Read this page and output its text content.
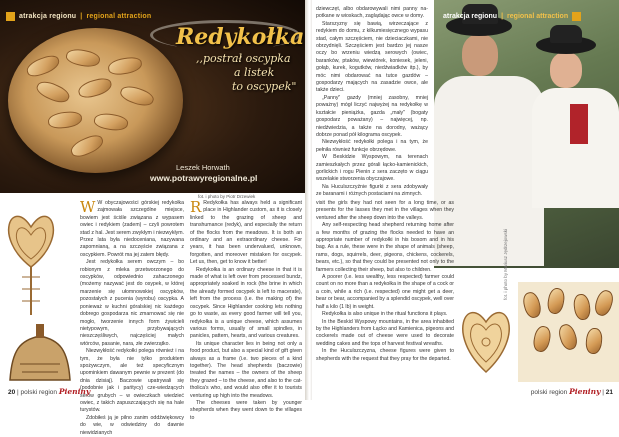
atrakcja regionu | regional attraction
Redykołka
,,postrał oscypka
a listek
to oscypek"
Leszek Horwath
www.potrawyregionalne.pl
fot. i photo by Piotr Drzewiek

W W obyczajowości górskiej redykołka zajmowała szczególne miejsce, bowiem jest ściśle związana z wypasem owiec i redykiem (zadem) – czyli powrotem stad z hal. Jest serem zwykłym i niezwykłym. Przez lata była niedoceniana, nazywana zapomnianą, a na szczęście związana z oscypkiem. Powrót ma jej zatem błędy.

Jest redykołka serem owczym – bo robionym z mleka przetworzonego do oscypków, odpowiednio zahaczonego (możemy nazywać jest do osypek, w której marzenie się ułomnowskiej oscypków, pozostałych z pucenia (wyrobu) oscypka. A ponieważ w kuchni góralskiej nic każdego dobrego gospodarza nic zmarnować się nie mogło, tworzenie innych form żywicieli nietypowym, przybywających nieszczęśliwych, najczęściej małych wtórców, pasanie, nara, złe zwierzątko.

Niezwykłość redykołki polega również i na tym, że była nie tylko produktem spożywczym, ale też specyficznym upominkiem dawanym pewnie w prezent (do dnia dzisiaj). Baczowie upatrywali się (podobnie jak i pańtycy) cze-wiedzących serów grubych – w owieczkach wiedzieć owiec, z takich zapuszczających się na hale turystów.

Zdobiłeś ją je pilno zanim oddźwiękowcy do wie, w odwiedziny do dawnie niewidzianych

R Redykołka has always held a significant place in Highlander custom, as it is closely linked to the grazing of sheep and transhumance (redyk), and especially the return of the flocks from the meadows. It is both an ordinary and an extraordinary cheese. For years, it has been undervalued, unknown, forgotten, and moreover mistaken for oscypek. Let us, then, get to know it better!

Redykołka is an ordinary cheese in that it is made of what is left over from processed bundz, appropriately soaked in rock (the brine in which the already formed oscypek is left to macerate), left from the process (i.e. the making of) the oscypek. Since Highlander cooking lets nothing go to waste, as every good farmer will tell you, redykołka is a unique cheese, which assumes various forms, usually of small spindles, in panicles, pattern, hearts, and various creatures.

Its unique character lies in being not only a food product, but also a special kind of gift given always as a frame (i.e. two pieces of a kind together). The head shepherds (baczowie) treated the names – the owners of the sheep they grazed – to the cheese, and also to the cat-tholica's who, and would also offer it to tourists venturing up high into the meadows.

The cheeses were taken by younger shepherds when they went down to the villages to

20 | polski region Pieniny

dziewczęt, albo obdarowywali nimi panny na-potkane w wioskach, zaglądając owce w domy.

Starszyzny się bawią, wirzeczające z redykiem do domu, z kilkumiesięcznego wypasu stad, całym szczęściem, nie dzieciaczkami, nie obrzydnięli. Szczęściem jest bardzo jej nasze oczy bo wrzeniu wiedzą serowych (owiec, baranków, ptaków, wiewiórek, koniesek, jeleni, gołąb, kurek, kogutków, niedźwiadków itp.), by móc nimi obdarować na tutce gazdów – gospodarzy mających na zasadzie owce, ale także dzieci.

„Panny" gazdy (mniej zasobny, mniej poważny) mógł liczyć najwyżej na redykołkę w kształcie pieniążka, gazda „mały" (bogaty gospodarz poważany) – najwięcej, np. niedźwiedzia, a także na dorodny, ważący dobrze ponad pół kilograma oscypek.

Niezwykłość redykołki polega i na tym, że pełniła również funkcje obrzędowe.

W Beskidzie Wyspowym, na terenach zamieszkałych przez górali łącko-kamienickich, gorlickich i rogu Pienin z sera zaczęto w ciągu wszelakie stworzenia obyczajowe.

Na Huculszczyźnie figurki z sera zdobywały ze baranami i różnych postaciami na zimnych.

atrakcja regionu | regional attraction

visit the girls they had not seen for a long time, or as presents for the lasses they met in the villages when they ventured after the sheep down into the valleys.

Any self-respecting head shepherd returning home after a few months of grazing the flocks needed to have an appropriate number of redykołki in his bosom and in his bag. As a rule, these were in the shape of animals (sheep, rams, dogs, squirrels, deer, pigeons, chickens, cockerels, bears, etc.), so that they could be presented not only to the farmers collecting their sheep, but also to children.

A poorer (i.e. less wealthy, less respected) farmer could count on no more than a redykołka in the shape of a cock or a coin, while a rich (i.e. respected) one might get a deer, bear or bear, accompanied by a splendid oscypek, well over half a kilo (1 lb) in weight.

Redykołka is also unique in the ritual functions it plays.

In the Beskid Wyspowy mountains, in the area inhabited by the Highlanders from Łącko and Kamienica, pigeons and cockerels made out of cheese were used to decorate wedding cakes and the tops of harvest festival wreaths.

In the Huculszczyzna, cheese figures were given to shepherds with the request that they pray for the departed.

fot. i photo by Mariusz Jędrzejowski
polski region Pieniny | 21
